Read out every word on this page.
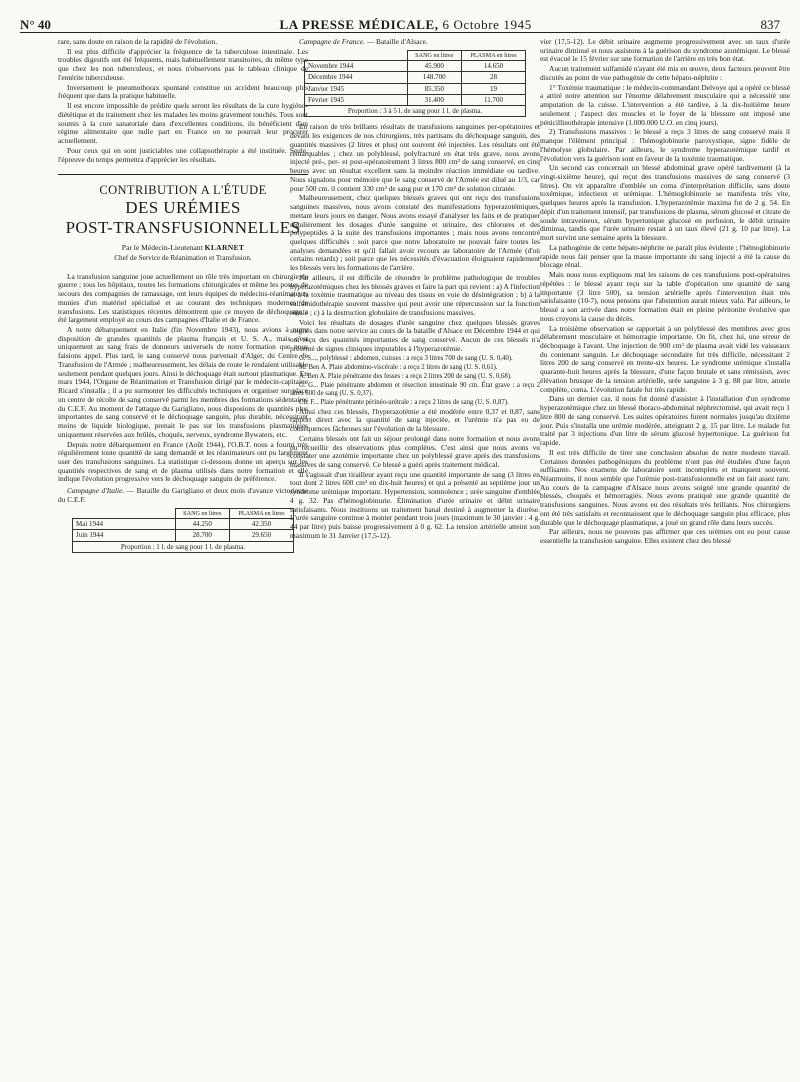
N° 40	LA PRESSE MÉDICALE, 6 Octobre 1945	837

rare, sans doute en raison de la rapidité de l'évolution.

Il est plus difficile d'apprécier la fréquence de la tuberculose intestinale. Les troubles digestifs ont été fréquents, mais habituellement transitoires, du même type que chez les non tuberculeux, et nous n'observons pas le tableau clinique de l'entérite tuberculeuse.

Inversement le pneumothorax spontané constitue un accident beaucoup plus fréquent que dans la pratique habituelle.

Il est encore impossible de prédire quels seront les résultats de la cure hygiéno-diététique et du traitement chez les malades les moins gravement touchés. Tous sont soumis à la cure sanatoriale dans d'excellentes conditions, ils bénéficient d'un régime alimentaire que nulle part en France on ne pourrait leur procurer actuellement.

Pour ceux qui en sont justiciables une collapsothérapie a été instituée. Seule, l'épreuve du temps permettra d'apprécier les résultats.

CONTRIBUTION A L'ÉTUDE
DES URÉMIES
POST-TRANSFUSIONNELLES
Par le Médecin-Lieutenant KLARNET
Chef de Service de Réanimation et Transfusion.

La transfusion sanguine joue actuellement un rôle très important en chirurgie de guerre ; tous les hôpitaux, toutes les formations chirurgicales et même les postes de secours des compagnies de ramassage, ont leurs équipes de médecins-réanimateurs munies d'un matériel spécialisé et au courant des techniques modernes de transfusions. Les statistiques récentes démontrent que ce moyen de déchoquage a été largement employé au cours des campagnes d'Italie et de France.

A notre débarquement en Italie (fin Novembre 1943), nous avions à notre disposition de grandes quantités de plasma français et U. S. A., mais c'est uniquement au sang frais de donneurs universels de notre formation que nous faisions appel. Plus tard, le sang conservé nous parvenait d'Alger, du Centre de Transfusion de l'Armée ; malheureusement, les délais de route le rendaient utilisable seulement pendant quelques jours. Ainsi le déchoquage était surtout plasmatique. En mars 1944, l'Organe de Réanimation et Transfusion dirigé par le médecin-capitaine Ricard s'installa ; il a pu surmonter les difficultés techniques et organiser sur place un centre de récolte de sang conservé parmi les membres des formations sédentaires du C.E.F. Au moment de l'attaque du Garigliano, nous disposions de quantités plus importantes de sang conservé et le déchoquage sanguin, plus durable, nécessitant moins de liquide biologique, prenait le pas sur les transfusions plasmatiques uniquement réservées aux brûlés, choqués, nerveux, syndrome Bywaters, etc.

Depuis notre débarquement en France (Août 1944), l'O.B.T. nous a fourni très régulièrement toute quantité de sang demandé et les réanimateurs ont pu largement user des transfusions sanguines. La statistique ci-dessous donne un aperçu sur les quantités respectives de sang et de plasma utilisés dans notre formation et elle indique l'évolution progressive vers le déchoquage sanguin de préférence.

Campagne d'Italie. — Bataille du Garigliano et deux mois d'avance victorieuse du C.E.F.

	SANG en litres	PLASMA en litres
Mai 1944	44.250	42.350
Juin 1944	28.700	29.650
Proportion : 1 l. de sang pour 1 l. de plasma.		

Campagne de France. — Bataille d'Alsace.

	SANG en litres	PLASMA en litres
Novembre 1944	45.900	14.650
Décembre 1944	148.700	28
Janvier 1945	85.350	19
Février 1945	31.400	11.700
Proportion : 3 à 5 l. de sang pour 1 l. de plasma.		

En raison de très brillants résultats de transfusions sanguines per-opératoires et devant les exigences de nos chirurgiens, très partisans du déchoquage sanguin, des quantités massives (2 litres et plus) ont souvent été injectées. Les résultats ont été remarquables ; chez un polyblessé, polyfracturé en état très grave, nous avons injecté pré-, per- et post-opératoirement 3 litres 800 cm³ de sang conservé, en cinq heures avec un résultat excellent sans la moindre réaction immédiate ou tardive. Nous signalons pour mémoire que le sang conservé de l'Armée est dilué au 1/3, car pour 500 cm. il contient 330 cm³ de sang pur et 170 cm³ de solution citratée.

Malheureusement, chez quelques blessés graves qui ont reçu des transfusions sanguines massives, nous avons constaté des manifestations hyperazotémiques, mettant leurs jours en danger. Nous avons essayé d'analyser les faits et de pratiquer régulièrement les dosages d'urée sanguine et urinaire, des chlorures et des polypeptides à la suite des transfusions importantes ; mais nous avons rencontré quelques difficultés : soit parce que notre laboratoire ne pouvait faire toutes les analyses demandées et qu'il fallait avoir recours au laboratoire de l'Armée (d'où certains retards) ; soit parce que les nécessités d'évacuation éloignaient rapidement les blessés vers les formations de l'arrière.

Par ailleurs, il est difficile de résoudre le problème pathologique de troubles hyperazotémiques chez les blessés graves et faire la part qui revient : a) A l'infection et à la toxémie traumatique au niveau des tissus en voie de désintégration ; b) à la sulfamidothérapie souvent massive qui peut avoir une répercussion sur la fonction rénale ; c) à la destruction globulaire de transfusions massives.

Voici les résultats de dosages d'urée sanguine chez quelques blessés graves soignés dans notre service au cours de la bataille d'Alsace en Décembre 1944 et qui ont reçu des quantités importantes de sang conservé. Aucun de ces blessés n'a présenté de signes cliniques imputables à l'hyperazotémie.

G. S..., polyblessé : abdomen, cuisses : a reçu 3 litres 700 de sang (U. S. 0,40).

M. Ben A. Plaie abdomino-viscérale : a reçu 2 litres de sang (U. S. 0,61).

A. Ben A. Plaie pénétrante des fesses : a reçu 2 litres 200 de sang (U. S. 0,68).

G. G... Plaie pénétrante abdomen et résection intestinale 90 cm. État grave : a reçu 2 litres 600 de sang (U. S. 0,37).

Ch. F... Plaie pénétrante périnéo-urétrale : a reçu 2 litres de sang (U. S. 0,87).

Ainsi chez ces blessés, l'hyperazotémie a été modérée entre 0,37 et 0,87, sans rapport direct avec la quantité de sang injectée, et l'urémie n'a pas eu de conséquences fâcheuses sur l'évolution de la blessure.

Certains blessés ont fait un séjour prolongé dans notre formation et nous avons pu recueillir des observations plus complètes. C'est ainsi que nous avons vu constater une azotémie importante chez un polyblessé grave après des transfusions massives de sang conservé. Ce blessé a guéri après traitement médical.

Il s'agissait d'un tirailleur ayant reçu une quantité importante de sang (3 litres en tout dont 2 litres 600 cm³ en dix-huit heures) et qui a présenté au septième jour un syndrome urémique important. Hypertension, somnolence ; urée sanguine d'emblée 4 g. 32. Pas d'hémoglobinurie. Élimination d'urée urinaire et débit urinaire satisfaisants. Nous instituons un traitement banal destiné à augmenter la diurèse. L'urée sanguine continue à monter pendant trois jours (maximum le 30 janvier : 4 g. 44 par litre) puis baisse progressivement à 0 g. 62. La tension artérielle atteint son maximum le 31 Janvier (17,5-12).

vier (17,5-12). Le débit urinaire augmente progressivement avec un taux d'urée urinaire diminué et nous assistons à la guérison du syndrome azotémique. Le blessé est évacué le 15 février sur une formation de l'arrière en très bon état.

Aucun traitement sulfamidé n'ayant été mis en œuvre, deux facteurs peuvent être discutés au point de vue pathogénie de cette hépato-néphrite :

1° Toxémie traumatique : le médecin-commandant Delvoye qui a opéré ce blessé a attiré notre attention sur l'énorme délabrement musculaire qui a nécessité une amputation de la cuisse. L'intervention a été tardive, à la dix-huitième heure seulement ; l'aspect des muscles et le foyer de la blessure ont imposé une pénicillinothérapie intensive (1.000.000 U.O. en cinq jours).

2) Transfusions massives : le blessé a reçu 3 litres de sang conservé mais il manque l'élément principal : l'hémoglobinurie paroxystique, signe fidèle de l'hémolyse globulaire. Par ailleurs, le syndrome hyperazotémique tardif et l'évolution vers la guérison sont en faveur de la toxémie traumatique.

Un second cas concernait un blessé abdominal grave opéré tardivement (à la vingt-sixième heure), qui reçut des transfusions massives de sang conservé (3 litres). On vit apparaître d'emblée un coma d'interprétation difficile, sans doute toxémique, infectieux et urémique. L'hémoglobinurie se manifesta très vite, quelques heures après la transfusion. L'hyperazotémie maxima fut de 2 g. 54. En dépit d'un traitement intensif, par transfusions de plasma, sérum glucosé et citrate de soude intraveineux, sérum hypertonique glucosé en perfusion, le débit urinaire diminua, tandis que l'urée urinaire restait à un taux élevé (21 g. 10 par litre). La mort survint une semaine après la blessure.

La pathogénie de cette hépato-néphrite ne paraît plus évidente ; l'hémoglobinurie rapide nous fait penser que la masse importante du sang injecté a été la cause du blocage rénal.

Mais nous nous expliquons mal les raisons de ces transfusions post-opératoires répétées : le blessé ayant reçu sur la table d'opération une quantité de sang importante (3 litre 500), sa tension artérielle après l'intervention était très satisfaisante (10-7), nous pensons que l'abstention aurait mieux valu. Par ailleurs, le blessé a son arrivée dans notre formation était en pleine péritonite évolutive que nous croyons la cause du décès.

La troisième observation se rapportait à un polyblessé des membres avec gros délabrement musculaire et hémorragie importante. On fit, chez lui, une erreur de déchoquage à l'avant. Une injection de 900 cm³ de plasma avait vidé les vaisseaux du contenant sanguin. Le déchoquage secondaire fut très difficile, nécessitant 2 litres 200 de sang conservé en trente-six heures. Le syndrome urémique s'installa quarante-huit heures après la blessure, d'une façon brutale et sans rémission, avec élévation brusque de la tension artérielle, urée sanguine à 3 g. 88 par litre, anurie complète, coma. L'évolution fatale fut très rapide.

Dans un dernier cas, il nous fut donné d'assister à l'installation d'un syndrome hyperazotémique chez un blessé thoraco-abdominal néphrectomisé, qui avait reçu 1 litre 800 de sang conservé. Les suites opératoires furent normales jusqu'au dixième jour. Puis s'installa une urémie modérée, atteignant 2 g. 15 par litre. Le malade fut traité par 3 injections d'un litre de sérum glucosé hypertonique. La guérison fut rapide.

Il est très difficile de tirer une conclusion absolue de notre modeste travail. Certaines données pathogéniques du problème n'ont pas été étudiées d'une façon suffisante. Nos examens de laboratoire sont incomplets et manquent souvent. Néanmoins, il nous semble que l'urémie post-transfusionnelle est un fait assez rare. Au cours de la campagne d'Alsace nous avons soigné une grande quantité de blessés, choqués et hémorragiés. Nous avons pratiqué une grande quantité de transfusions sanguines. Nous avons eu des résultats très brillants. Nos chirurgiens ont été très satisfaits et reconnaissent que le déchoquage sanguin plus efficace, plus durable que le déchoquage plasmatique, a joué un grand rôle dans leurs succès.

Par ailleurs, nous ne pouvons pas affirmer que ces urémies ont eu pour cause essentielle la transfusion sanguine. Elles existent chez des blessé
